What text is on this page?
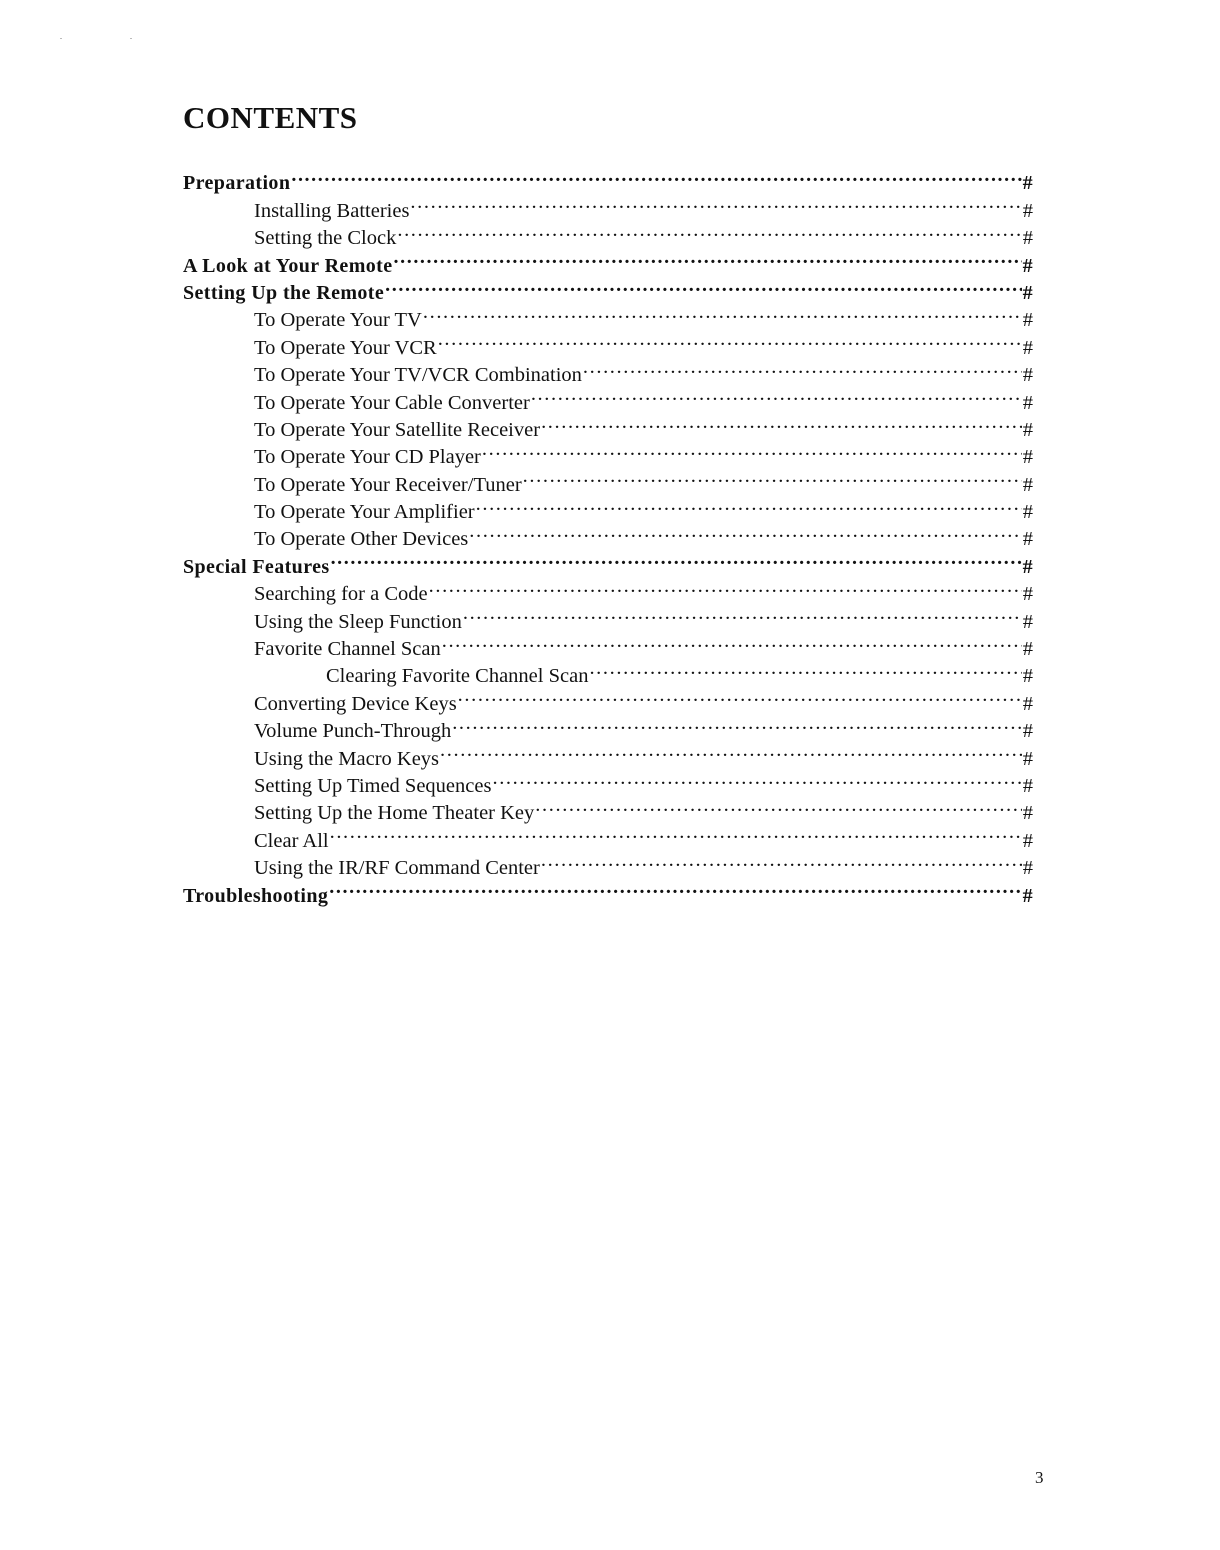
CONTENTS
Preparation .....	#
Installing Batteries .....	#
Setting the Clock .....	#
A Look at Your Remote .....	#
Setting Up the Remote .....	#
To Operate Your TV .....	#
To Operate Your VCR .....	#
To Operate Your TV/VCR Combination .....	#
To Operate Your Cable Converter .....	#
To Operate Your Satellite Receiver .....	#
To Operate Your CD Player .....	#
To Operate Your Receiver/Tuner .....	#
To Operate Your Amplifier .....	#
To Operate Other Devices .....	#
Special Features .....	#
Searching for a Code .....	#
Using the Sleep Function .....	#
Favorite Channel Scan .....	#
Clearing Favorite Channel Scan .....	#
Converting Device Keys .....	#
Volume Punch-Through .....	#
Using the Macro Keys .....	#
Setting Up Timed Sequences .....	#
Setting Up the Home Theater Key .....	#
Clear All .....	#
Using the IR/RF Command Center .....	#
Troubleshooting .....	#
3
